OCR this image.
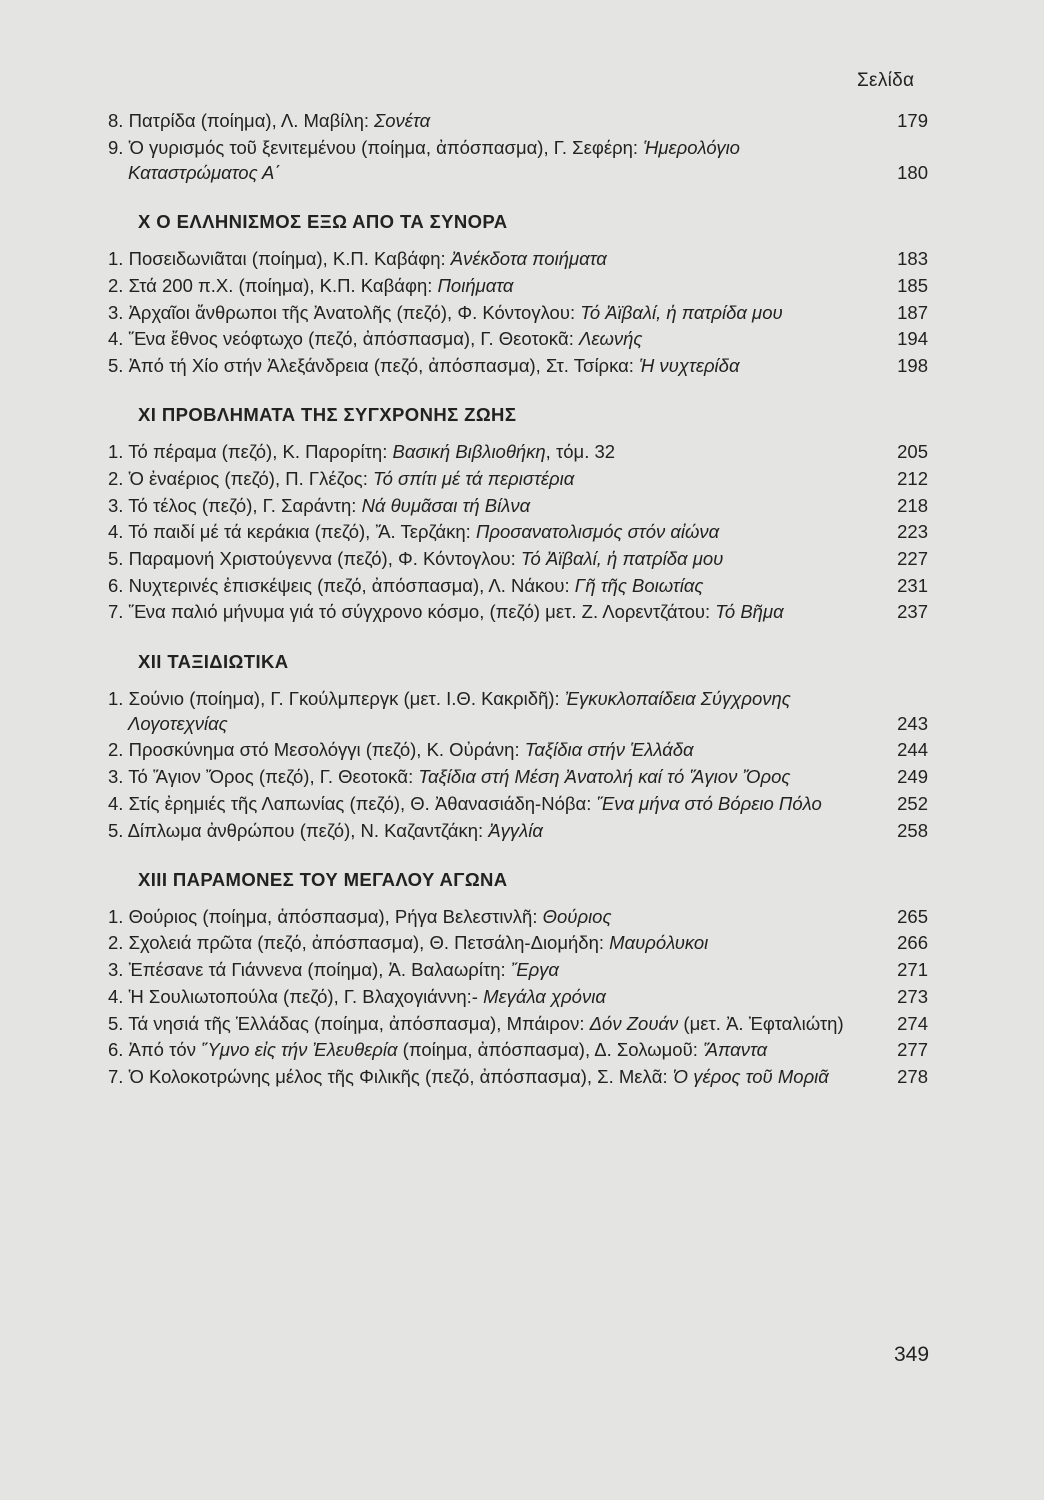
Σελίδα
8. Πατρίδα (ποίημα), Λ. Μαβίλη: Σονέτα	179
9. Ὁ γυρισμός τοῦ ξενιτεμένου (ποίημα, ἀπόσπασμα), Γ. Σεφέρη: Ἡμερολόγιο Καταστρώματος Α΄	180
X Ο ΕΛΛΗΝΙΣΜΟΣ ΕΞΩ ΑΠΟ ΤΑ ΣΥΝΟΡΑ
1. Ποσειδωνιᾶται (ποίημα), Κ.Π. Καβάφη: Ἀνέκδοτα ποιήματα	183
2. Στά 200 π.Χ. (ποίημα), Κ.Π. Καβάφη: Ποιήματα	185
3. Ἀρχαῖοι ἄνθρωποι τῆς Ἀνατολῆς (πεζό), Φ. Κόντογλου: Τό Ἀϊβαλί, ἡ πατρίδα μου	187
4. Ἕνα ἔθνος νεόφτωχο (πεζό, ἀπόσπασμα), Γ. Θεοτοκᾶ: Λεωνής	194
5. Ἀπό τή Χίο στήν Ἀλεξάνδρεια (πεζό, ἀπόσπασμα), Στ. Τσίρκα: Ἡ νυχτερίδα	198
XI ΠΡΟΒΛΗΜΑΤΑ ΤΗΣ ΣΥΓΧΡΟΝΗΣ ΖΩΗΣ
1. Τό πέραμα (πεζό), Κ. Παρορίτη: Βασική Βιβλιοθήκη, τόμ. 32	205
2. Ὁ ἐναέριος (πεζό), Π. Γλέζος: Τό σπίτι μέ τά περιστέρια	212
3. Τό τέλος (πεζό), Γ. Σαράντη: Νά θυμᾶσαι τή Βίλνα	218
4. Τό παιδί μέ τά κεράκια (πεζό), Ἄ. Τερζάκη: Προσανατολισμός στόν αἰώνα	223
5. Παραμονή Χριστούγεννα (πεζό), Φ. Κόντογλου: Τό Ἀϊβαλί, ἡ πατρίδα μου	227
6. Νυχτερινές ἐπισκέψεις (πεζό, ἀπόσπασμα), Λ. Νάκου: Γῆ τῆς Βοιωτίας	231
7. Ἕνα παλιό μήνυμα γιά τό σύγχρονο κόσμο, (πεζό) μετ. Ζ. Λορεντζάτου: Τό Βῆμα	237
XII ΤΑΞΙΔΙΩΤΙΚΑ
1. Σούνιο (ποίημα), Γ. Γκούλμπεργκ (μετ. Ι.Θ. Κακριδῆ): Ἐγκυκλοπαίδεια Σύγχρονης Λογοτεχνίας	243
2. Προσκύνημα στό Μεσολόγγι (πεζό), Κ. Οὐράνη: Ταξίδια στήν Ἑλλάδα	244
3. Τό Ἅγιον Ὄρος (πεζό), Γ. Θεοτοκᾶ: Ταξίδια στή Μέση Ἀνατολή καί τό Ἅγιον Ὄρος	249
4. Στίς ἐρημιές τῆς Λαπωνίας (πεζό), Θ. Ἀθανασιάδη-Νόβα: Ἕνα μήνα στό Βόρειο Πόλο	252
5. Δίπλωμα ἀνθρώπου (πεζό), Ν. Καζαντζάκη: Ἀγγλία	258
XIII ΠΑΡΑΜΟΝΕΣ ΤΟΥ ΜΕΓΑΛΟΥ ΑΓΩΝΑ
1. Θούριος (ποίημα, ἀπόσπασμα), Ρήγα Βελεστινλῆ: Θούριος	265
2. Σχολειά πρῶτα (πεζό, ἀπόσπασμα), Θ. Πετσάλη-Διομήδη: Μαυρόλυκοι	266
3. Ἐπέσανε τά Γιάννενα (ποίημα), Ἀ. Βαλαωρίτη: Ἔργα	271
4. Ἡ Σουλιωτοπούλα (πεζό), Γ. Βλαχογιάννη:- Μεγάλα χρόνια	273
5. Τά νησιά τῆς Ἑλλάδας (ποίημα, ἀπόσπασμα), Μπάιρον: Δόν Ζουάν (μετ. Ἀ. Ἐφταλιώτη)	274
6. Ἀπό τόν Ὕμνο εἰς τήν Ἐλευθερία (ποίημα, ἀπόσπασμα), Δ. Σολωμοῦ: Ἅπαντα	277
7. Ὁ Κολοκοτρώνης μέλος τῆς Φιλικῆς (πεζό, ἀπόσπασμα), Σ. Μελᾶ: Ὁ γέρος τοῦ Μοριᾶ	278
349
